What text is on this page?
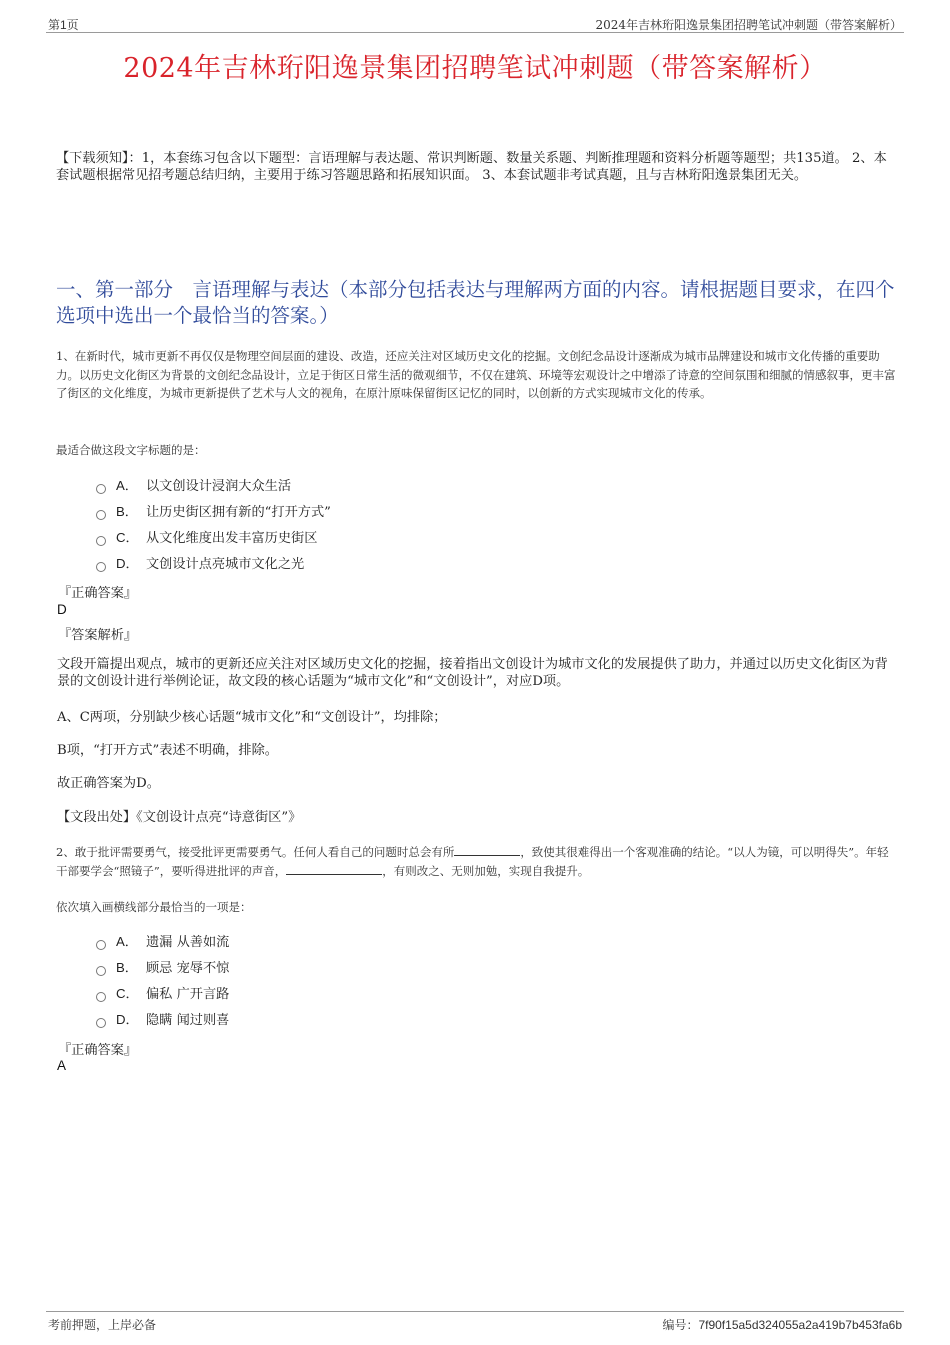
第1页	2024年吉林珩阳逸景集团招聘笔试冲刺题（带答案解析）
2024年吉林珩阳逸景集团招聘笔试冲刺题（带答案解析）
【下载须知】：1，本套练习包含以下题型：言语理解与表达题、常识判断题、数量关系题、判断推理题和资料分析题等题型；共135道。 2、本套试题根据常见招考题总结归纳，主要用于练习答题思路和拓展知识面。 3、本套试题非考试真题，且与吉林珩阳逸景集团无关。
一、第一部分　言语理解与表达（本部分包括表达与理解两方面的内容。请根据题目要求，在四个选项中选出一个最恰当的答案。）
1、在新时代，城市更新不再仅仅是物理空间层面的建设、改造，还应关注对区域历史文化的挖掘。文创纪念品设计逐渐成为城市品牌建设和城市文化传播的重要助力。以历史文化街区为背景的文创纪念品设计，立足于街区日常生活的微观细节，不仅在建筑、环境等宏观设计之中增添了诗意的空间氛围和细腻的情感叙事，更丰富了街区的文化维度，为城市更新提供了艺术与人文的视角，在原汁原味保留街区记忆的同时，以创新的方式实现城市文化的传承。
最适合做这段文字标题的是：
A． 以文创设计浸润大众生活
B． 让历史街区拥有新的“打开方式”
C． 从文化维度出发丰富历史街区
D． 文创设计点亮城市文化之光
『正确答案』
D
『答案解析』
文段开篇提出观点，城市的更新还应关注对区域历史文化的挖掘，接着指出文创设计为城市文化的发展提供了助力，并通过以历史文化街区为背景的文创设计进行举例论证，故文段的核心话题为“城市文化”和“文创设计”，对应D项。
A、C两项，分别缺少核心话题“城市文化”和“文创设计”，均排除；
B项，“打开方式”表述不明确，排除。
故正确答案为D。
【文段出处】《文创设计点亮“诗意街区”》
2、敢于批评需要勇气，接受批评更需要勇气。任何人看自己的问题时总会有所	，致使其很难得出一个客观准确的结论。“以人为镜，可以明得失”。年轻干部要学会“照镜子”，要听得进批评的声音，	，有则改之、无则加勉，实现自我提升。
依次填入画横线部分最恰当的一项是：
A． 遗漏 从善如流
B． 顾忌 宠辱不惊
C． 偏私 广开言路
D． 隐瞒 闻过则喜
『正确答案』
A
考前押题，上岸必备	编号：7f90f15a5d324055a2a419b7b453fa6b
